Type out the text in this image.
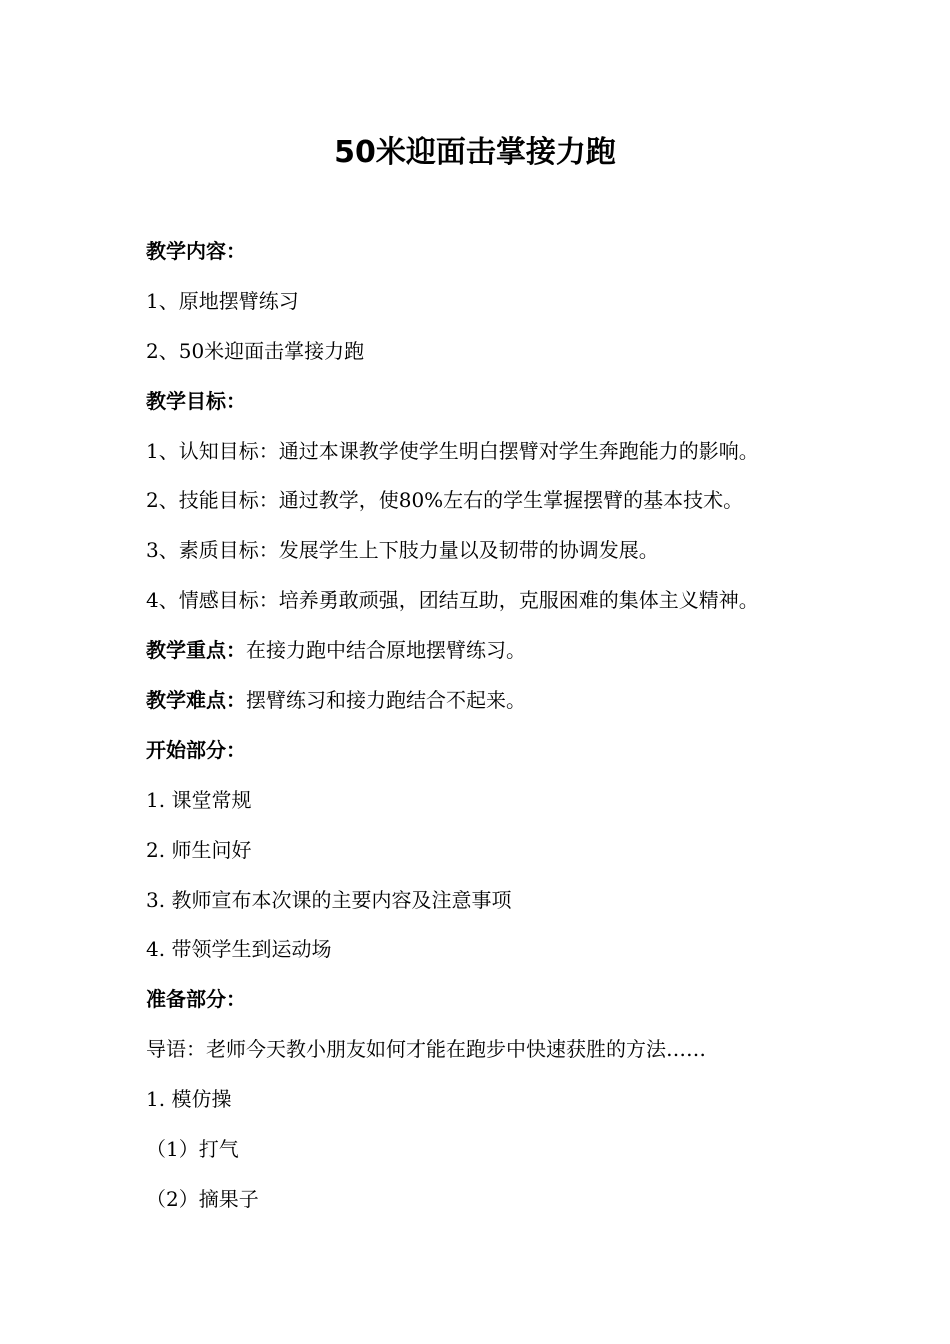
50米迎面击掌接力跑
教学内容：
1、原地摆臂练习
2、50米迎面击掌接力跑
教学目标：
1、认知目标：通过本课教学使学生明白摆臂对学生奔跑能力的影响。
2、技能目标：通过教学，使80%左右的学生掌握摆臂的基本技术。
3、素质目标：发展学生上下肢力量以及韧带的协调发展。
4、情感目标：培养勇敢顽强，团结互助，克服困难的集体主义精神。
教学重点：在接力跑中结合原地摆臂练习。
教学难点：摆臂练习和接力跑结合不起来。
开始部分：
1. 课堂常规
2. 师生问好
3. 教师宣布本次课的主要内容及注意事项
4. 带领学生到运动场
准备部分：
导语：老师今天教小朋友如何才能在跑步中快速获胜的方法……
1. 模仿操
（1）打气
（2）摘果子
